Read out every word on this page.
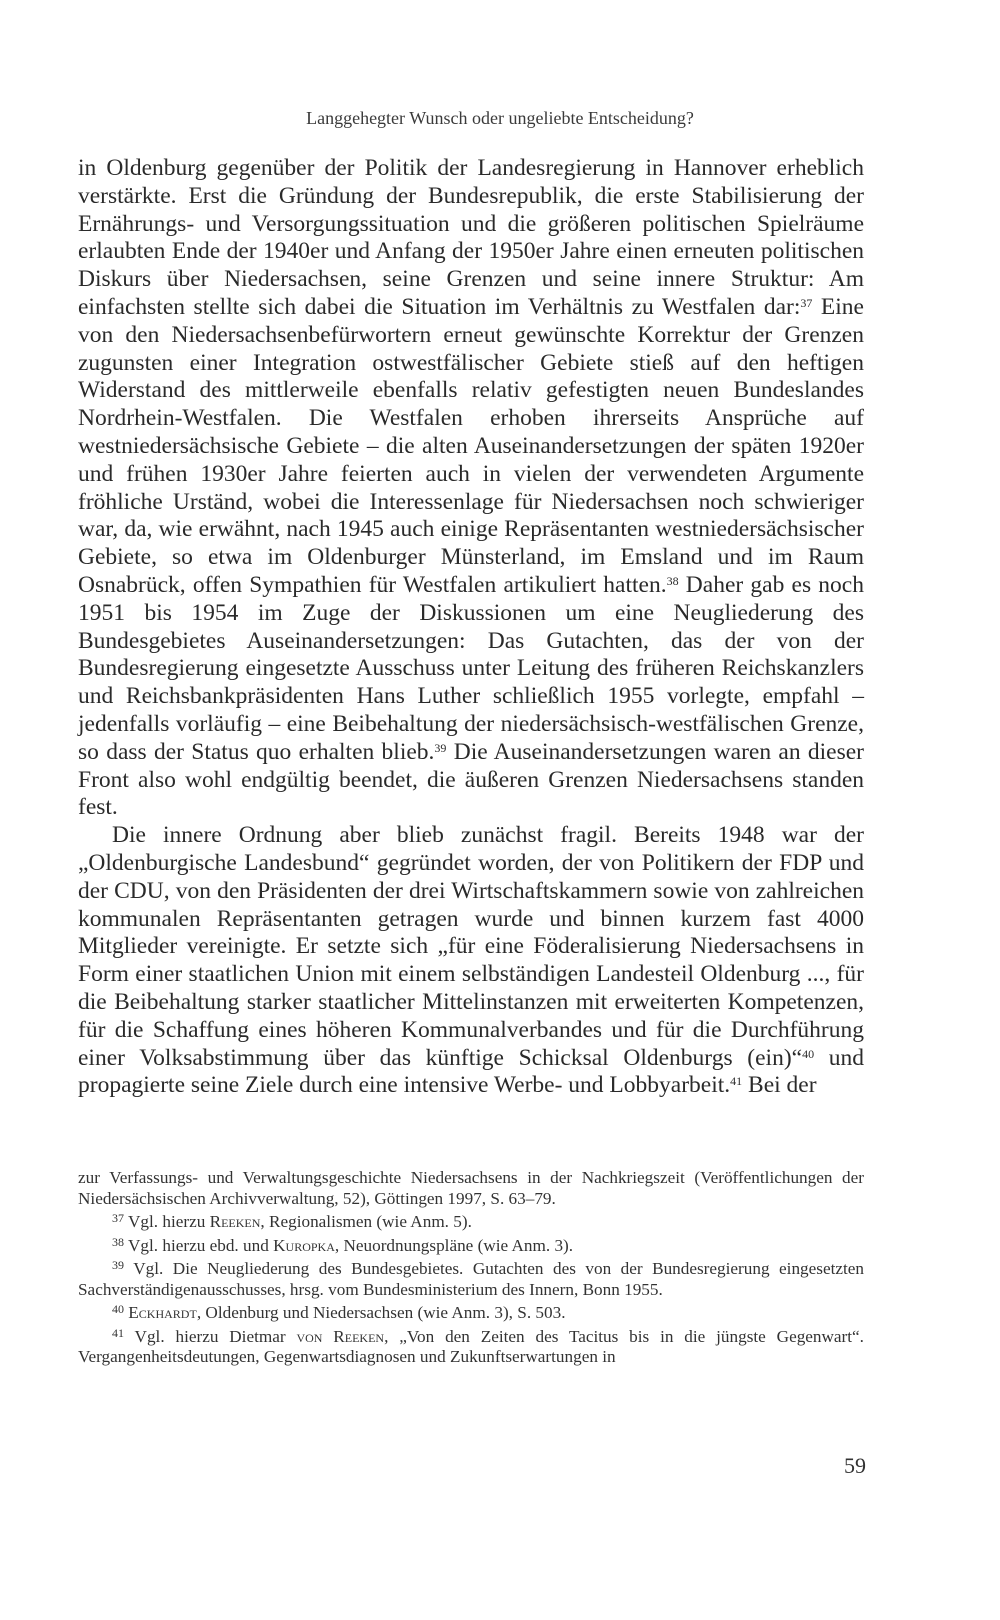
Langgehegter Wunsch oder ungeliebte Entscheidung?

in Oldenburg gegenüber der Politik der Landesregierung in Hannover erheblich verstärkte. Erst die Gründung der Bundesrepublik, die erste Stabilisierung der Ernährungs- und Versorgungssituation und die größeren politischen Spielräume erlaubten Ende der 1940er und Anfang der 1950er Jahre einen erneuten politischen Diskurs über Niedersachsen, seine Grenzen und seine innere Struktur: Am einfachsten stellte sich dabei die Situation im Verhältnis zu Westfalen dar:$^{37}$ Eine von den Niedersachsenbefürwortern erneut gewünschte Korrektur der Grenzen zugunsten einer Integration ostwestfälischer Gebiete stieß auf den heftigen Widerstand des mittlerweile ebenfalls relativ gefestigten neuen Bundeslandes Nordrhein-Westfalen. Die Westfalen erhoben ihrerseits Ansprüche auf westniedersächsische Gebiete – die alten Auseinandersetzungen der späten 1920er und frühen 1930er Jahre feierten auch in vielen der verwendeten Argumente fröhliche Urständ, wobei die Interessenlage für Niedersachsen noch schwieriger war, da, wie erwähnt, nach 1945 auch einige Repräsentanten westniedersächsischer Gebiete, so etwa im Oldenburger Münsterland, im Emsland und im Raum Osnabrück, offen Sympathien für Westfalen artikuliert hatten.$^{38}$ Daher gab es noch 1951 bis 1954 im Zuge der Diskussionen um eine Neugliederung des Bundesgebietes Auseinandersetzungen: Das Gutachten, das der von der Bundesregierung eingesetzte Ausschuss unter Leitung des früheren Reichskanzlers und Reichsbankpräsidenten Hans Luther schließlich 1955 vorlegte, empfahl – jedenfalls vorläufig – eine Beibehaltung der niedersächsisch-westfälischen Grenze, so dass der Status quo erhalten blieb.$^{39}$ Die Auseinandersetzungen waren an dieser Front also wohl endgültig beendet, die äußeren Grenzen Niedersachsens standen fest.

Die innere Ordnung aber blieb zunächst fragil. Bereits 1948 war der „Oldenburgische Landesbund“ gegründet worden, der von Politikern der FDP und der CDU, von den Präsidenten der drei Wirtschaftskammern sowie von zahlreichen kommunalen Repräsentanten getragen wurde und binnen kurzem fast 4000 Mitglieder vereinigte. Er setzte sich „für eine Föderalisierung Niedersachsens in Form einer staatlichen Union mit einem selbständigen Landesteil Oldenburg ..., für die Beibehaltung starker staatlicher Mittelinstanzen mit erweiterten Kompetenzen, für die Schaffung eines höheren Kommunalverbandes und für die Durchführung einer Volksabstimmung über das künftige Schicksal Oldenburgs (ein)“$^{40}$ und propagierte seine Ziele durch eine intensive Werbe- und Lobbyarbeit.$^{41}$ Bei der

zur Verfassungs- und Verwaltungsgeschichte Niedersachsens in der Nachkriegszeit (Veröffentlichungen der Niedersächsischen Archivverwaltung, 52), Göttingen 1997, S. 63–79.

$^{37}$ Vgl. hierzu Reeken, Regionalismen (wie Anm. 5).

$^{38}$ Vgl. hierzu ebd. und Kuropka, Neuordnungspläne (wie Anm. 3).

$^{39}$ Vgl. Die Neugliederung des Bundesgebietes. Gutachten des von der Bundesregierung eingesetzten Sachverständigenausschusses, hrsg. vom Bundesministerium des Innern, Bonn 1955.

$^{40}$ Eckhardt, Oldenburg und Niedersachsen (wie Anm. 3), S. 503.

$^{41}$ Vgl. hierzu Dietmar von Reeken, „Von den Zeiten des Tacitus bis in die jüngste Gegenwart“. Vergangenheitsdeutungen, Gegenwartsdiagnosen und Zukunftserwartungen in

59
